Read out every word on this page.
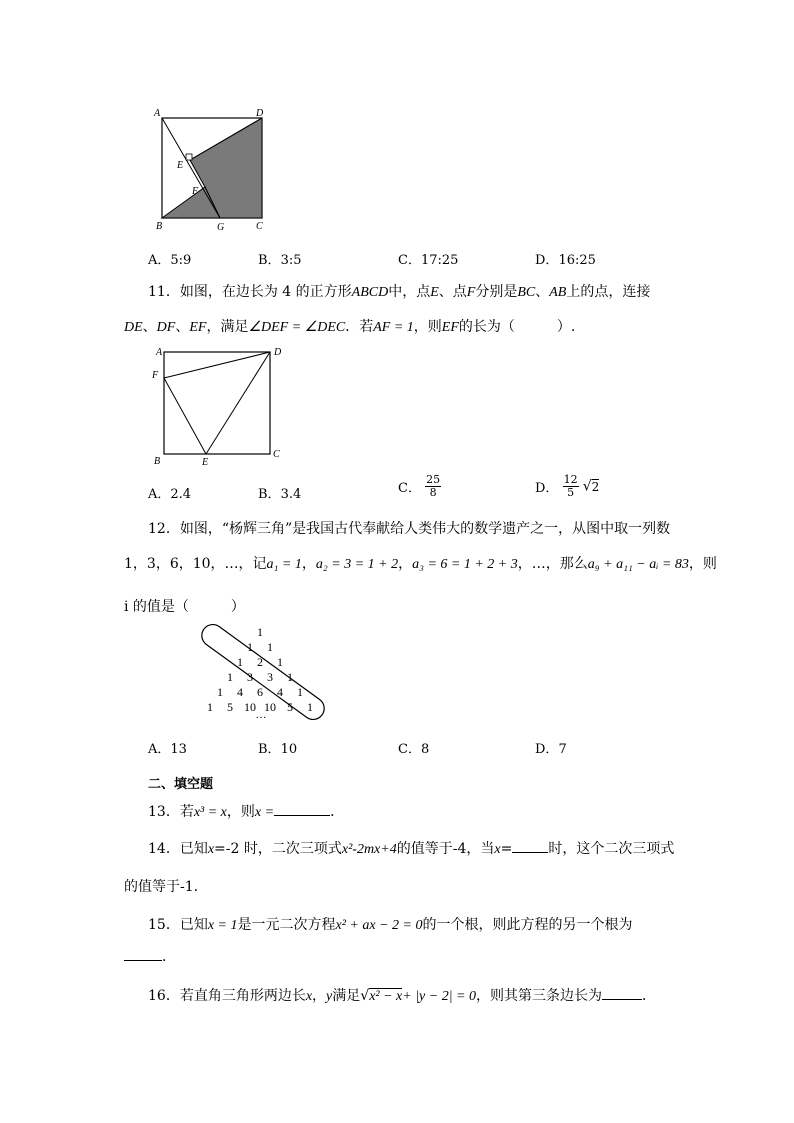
A	D
E
F
B	G	C
A．5:9	B．3:5	C．17:25	D．16:25
11．如图，在边长为 4 的正方形ABCD中，点E、点F分别是BC、AB上的点，连接
DE、DF、EF，满足∠DEF = ∠DEC．若AF = 1，则EF的长为（　　　）.
A	D
F
B	E
C
A．2.4	B．3.4	C． $\frac{25}{8}$	D． $\frac{12}{5} √2$
12．如图，“杨辉三角”是我国古代奉献给人类伟大的数学遗产之一，从图中取一列数
1，3，6，10，…，记a₁ = 1，a₂ = 3 = 1 + 2，a₃ = 6 = 1 + 2 + 3，…，那么a₉ + a₁₁ − aᵢ = 83，则
i 的值是（　　　）
1
1 1
1 2 1
1 3 3 1
1 4 6 4 1
1 5 10 10 5 1
…
A．13	B．10	C．8	D．7
二、填空题
13．若x³ = x，则x =	．
14．已知x=-2 时，二次三项式x²-2mx+4的值等于-4，当x=	时，这个二次三项式
的值等于-1.
15．已知x = 1是一元二次方程x² + ax − 2 = 0的一个根，则此方程的另一个根为
．
16．若直角三角形两边长x，y满足√x² − x+ |y − 2| = 0，则其第三条边长为	．
